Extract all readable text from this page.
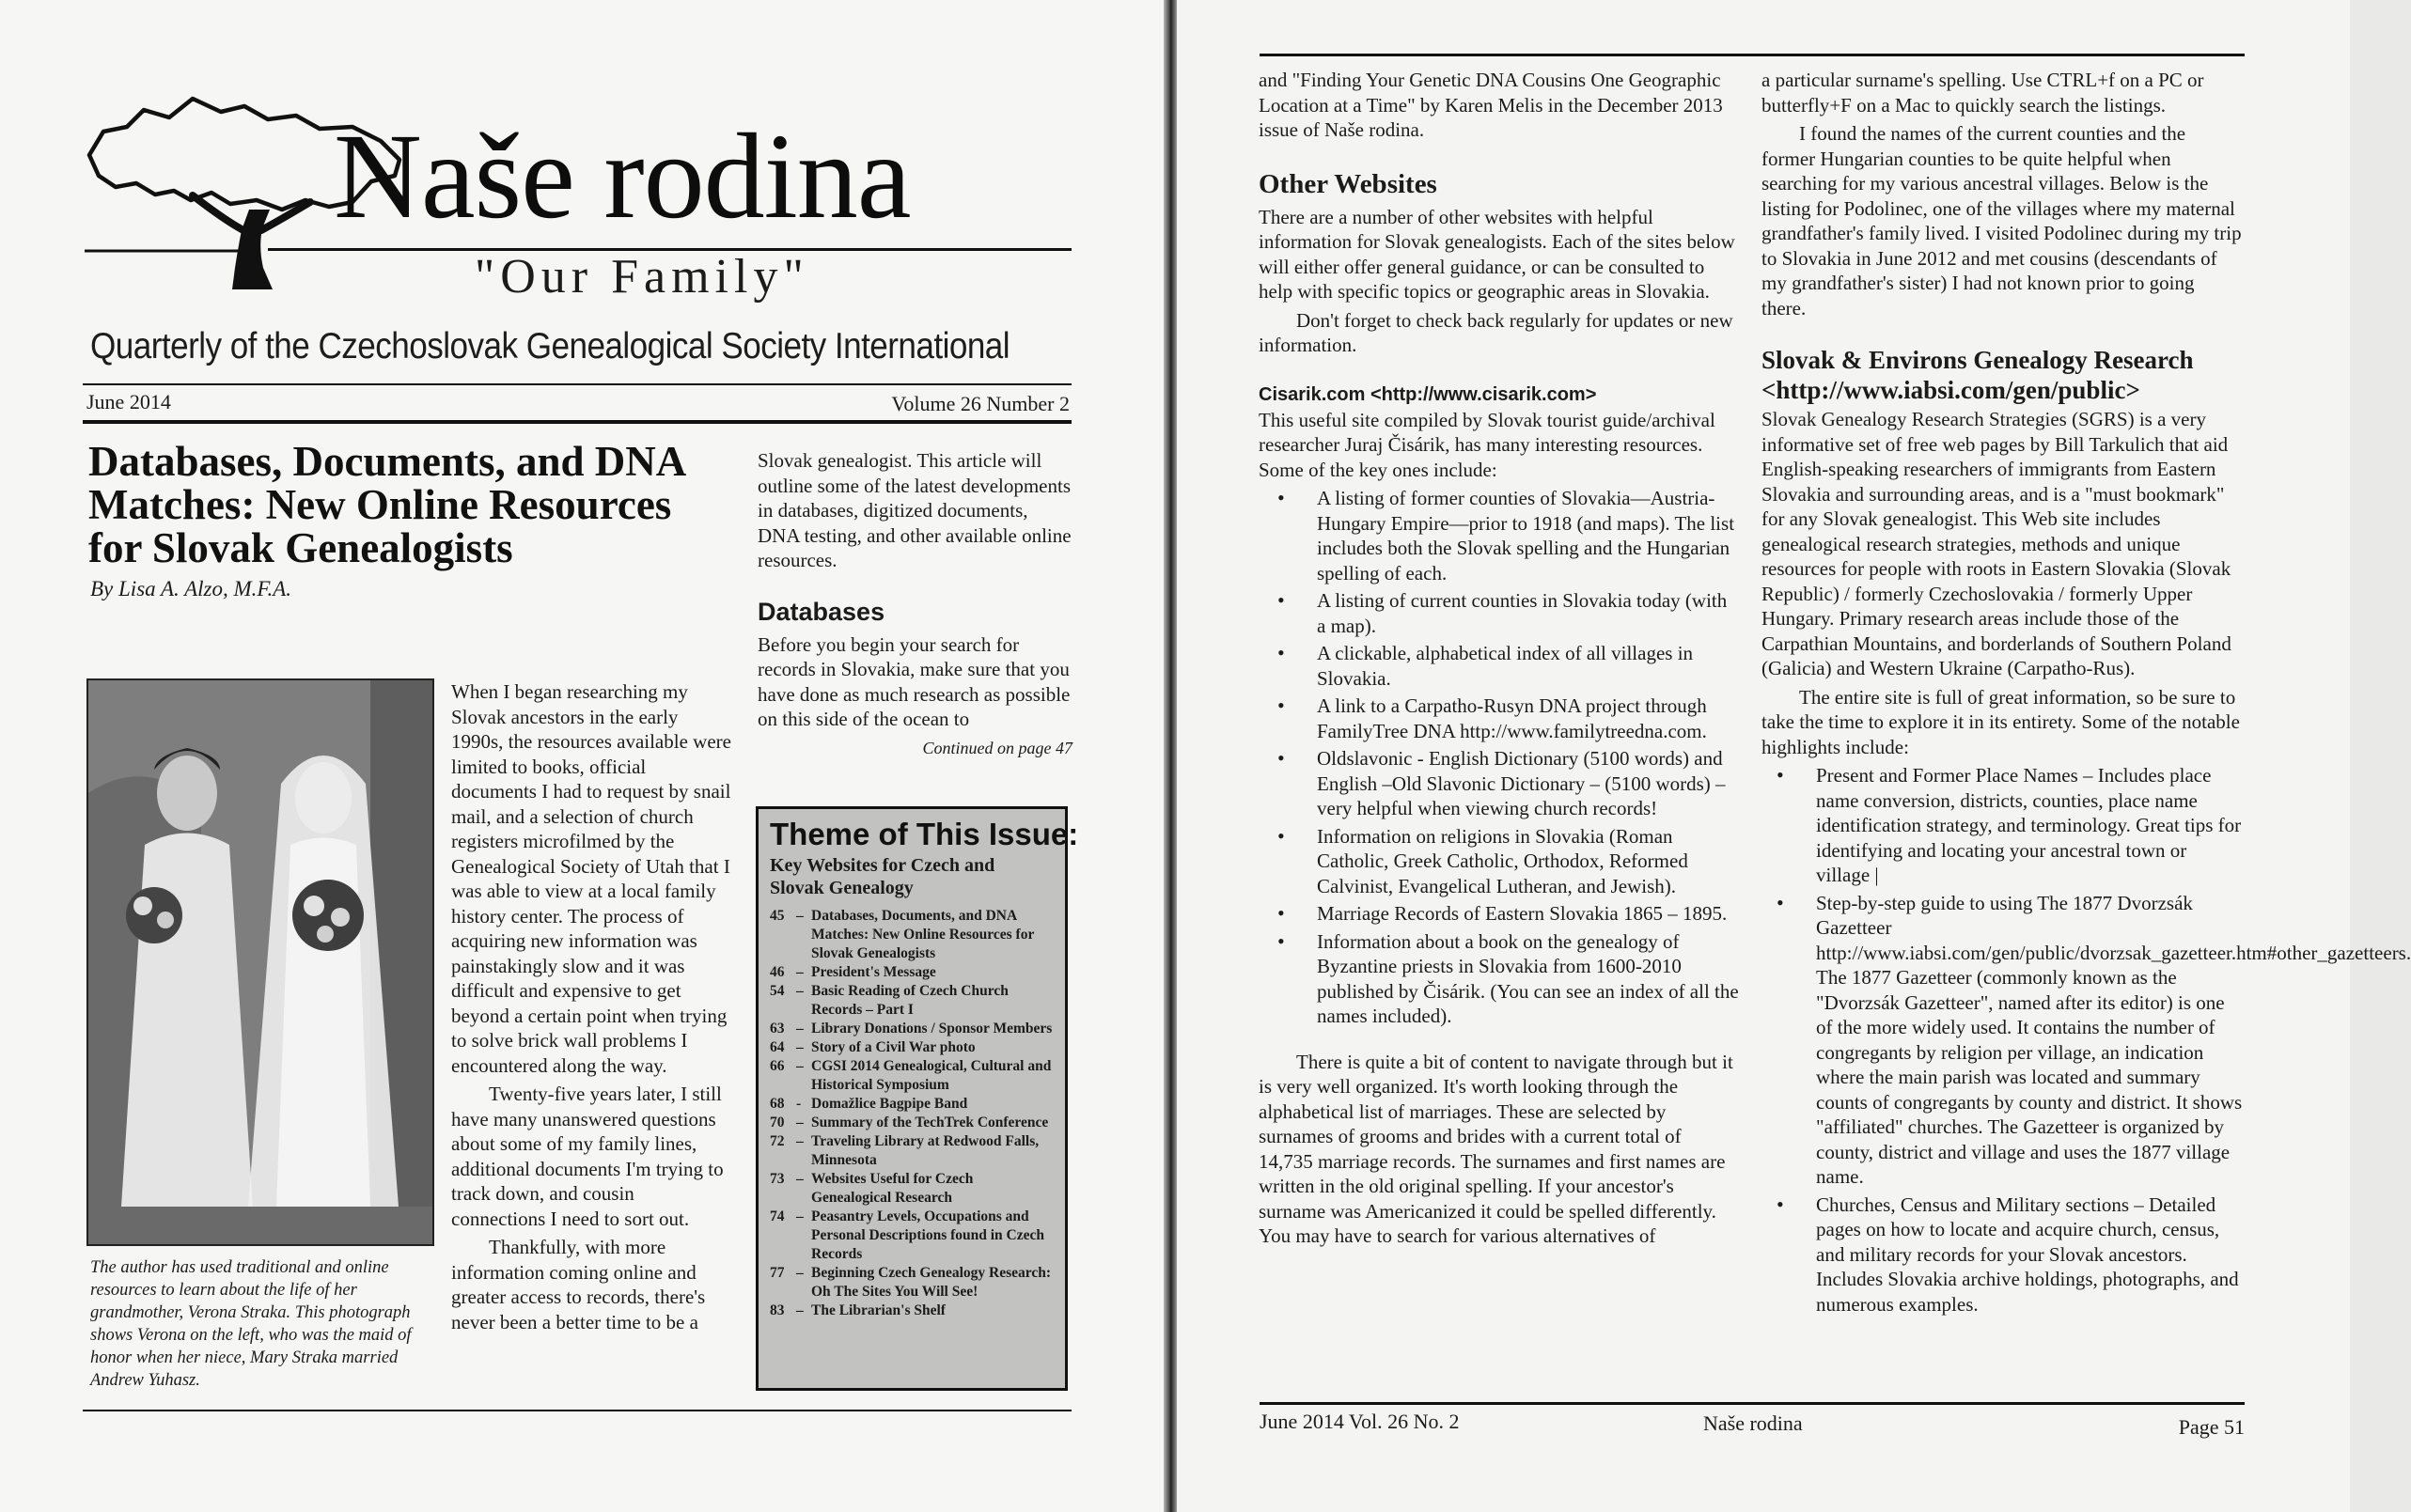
Naše rodina
"Our Family"
Quarterly of the Czechoslovak Genealogical Society International
June 2014	Volume 26 Number 2
Databases, Documents, and DNA Matches: New Online Resources for Slovak Genealogists
By Lisa A. Alzo, M.F.A.
The author has used traditional and online resources to learn about the life of her grandmother, Verona Straka. This photograph shows Verona on the left, who was the maid of honor when her niece, Mary Straka married Andrew Yuhasz.

When I began researching my Slovak ancestors in the early 1990s, the resources available were limited to books, official documents I had to request by snail mail, and a selection of church registers microfilmed by the Genealogical Society of Utah that I was able to view at a local family history center. The process of acquiring new information was painstakingly slow and it was difficult and expensive to get beyond a certain point when trying to solve brick wall problems I encountered along the way.

Twenty-five years later, I still have many unanswered questions about some of my family lines, additional documents I'm trying to track down, and cousin connections I need to sort out.

Thankfully, with more information coming online and greater access to records, there's never been a better time to be a

Slovak genealogist. This article will outline some of the latest developments in databases, digitized documents, DNA testing, and other available online resources.

Databases

Before you begin your search for records in Slovakia, make sure that you have done as much research as possible on this side of the ocean to

Continued on page 47

Theme of This Issue:
Key Websites for Czech and Slovak Genealogy
45 – Databases, Documents, and DNA Matches: New Online Resources for Slovak Genealogists
46 – President's Message
54 – Basic Reading of Czech Church Records – Part I
63 – Library Donations / Sponsor Members
64 – Story of a Civil War photo
66 – CGSI 2014 Genealogical, Cultural and Historical Symposium
68 - Domažlice Bagpipe Band
70 – Summary of the TechTrek Conference
72 – Traveling Library at Redwood Falls, Minnesota
73 – Websites Useful for Czech Genealogical Research
74 – Peasantry Levels, Occupations and Personal Descriptions found in Czech Records
77 – Beginning Czech Genealogy Research: Oh The Sites You Will See!
83 – The Librarian's Shelf

and "Finding Your Genetic DNA Cousins One Geographic Location at a Time" by Karen Melis in the December 2013 issue of Naše rodina.

Other Websites

There are a number of other websites with helpful information for Slovak genealogists. Each of the sites below will either offer general guidance, or can be consulted to help with specific topics or geographic areas in Slovakia.

Don't forget to check back regularly for updates or new information.

Cisarik.com <http://www.cisarik.com>

This useful site compiled by Slovak tourist guide/archival researcher Juraj Čisárik, has many interesting resources. Some of the key ones include:

• A listing of former counties of Slovakia—Austria-Hungary Empire—prior to 1918 (and maps). The list includes both the Slovak spelling and the Hungarian spelling of each.
• A listing of current counties in Slovakia today (with a map).
• A clickable, alphabetical index of all villages in Slovakia.
• A link to a Carpatho-Rusyn DNA project through FamilyTree DNA http://www.familytreedna.com.
• Oldslavonic - English Dictionary (5100 words) and English –Old Slavonic Dictionary – (5100 words) – very helpful when viewing church records!
• Information on religions in Slovakia (Roman Catholic, Greek Catholic, Orthodox, Reformed Calvinist, Evangelical Lutheran, and Jewish).
• Marriage Records of Eastern Slovakia 1865 – 1895.
• Information about a book on the genealogy of Byzantine priests in Slovakia from 1600-2010 published by Čisárik. (You can see an index of all the names included).

There is quite a bit of content to navigate through but it is very well organized. It's worth looking through the alphabetical list of marriages. These are selected by surnames of grooms and brides with a current total of 14,735 marriage records. The surnames and first names are written in the old original spelling. If your ancestor's surname was Americanized it could be spelled differently. You may have to search for various alternatives of

a particular surname's spelling. Use CTRL+f on a PC or butterfly+F on a Mac to quickly search the listings.

I found the names of the current counties and the former Hungarian counties to be quite helpful when searching for my various ancestral villages. Below is the listing for Podolinec, one of the villages where my maternal grandfather's family lived. I visited Podolinec during my trip to Slovakia in June 2012 and met cousins (descendants of my grandfather's sister) I had not known prior to going there.

Slovak & Environs Genealogy Research <http://www.iabsi.com/gen/public>

Slovak Genealogy Research Strategies (SGRS) is a very informative set of free web pages by Bill Tarkulich that aid English-speaking researchers of immigrants from Eastern Slovakia and surrounding areas, and is a "must bookmark" for any Slovak genealogist. This Web site includes genealogical research strategies, methods and unique resources for people with roots in Eastern Slovakia (Slovak Republic) / formerly Czechoslovakia / formerly Upper Hungary. Primary research areas include those of the Carpathian Mountains, and borderlands of Southern Poland (Galicia) and Western Ukraine (Carpatho-Rus).

The entire site is full of great information, so be sure to take the time to explore it in its entirety. Some of the notable highlights include:

• Present and Former Place Names – Includes place name conversion, districts, counties, place name identification strategy, and terminology. Great tips for identifying and locating your ancestral town or village |
• Step-by-step guide to using The 1877 Dvorzsák Gazetteer http://www.iabsi.com/gen/public/dvorzsak_gazetteer.htm#other_gazetteers. The 1877 Gazetteer (commonly known as the "Dvorzsák Gazetteer", named after its editor) is one of the more widely used. It contains the number of congregants by religion per village, an indication where the main parish was located and summary counts of congregants by county and district. It shows "affiliated" churches. The Gazetteer is organized by county, district and village and uses the 1877 village name.
• Churches, Census and Military sections – Detailed pages on how to locate and acquire church, census, and military records for your Slovak ancestors. Includes Slovakia archive holdings, photographs, and numerous examples.
June 2014 Vol. 26 No. 2	Naše rodina	Page 51
